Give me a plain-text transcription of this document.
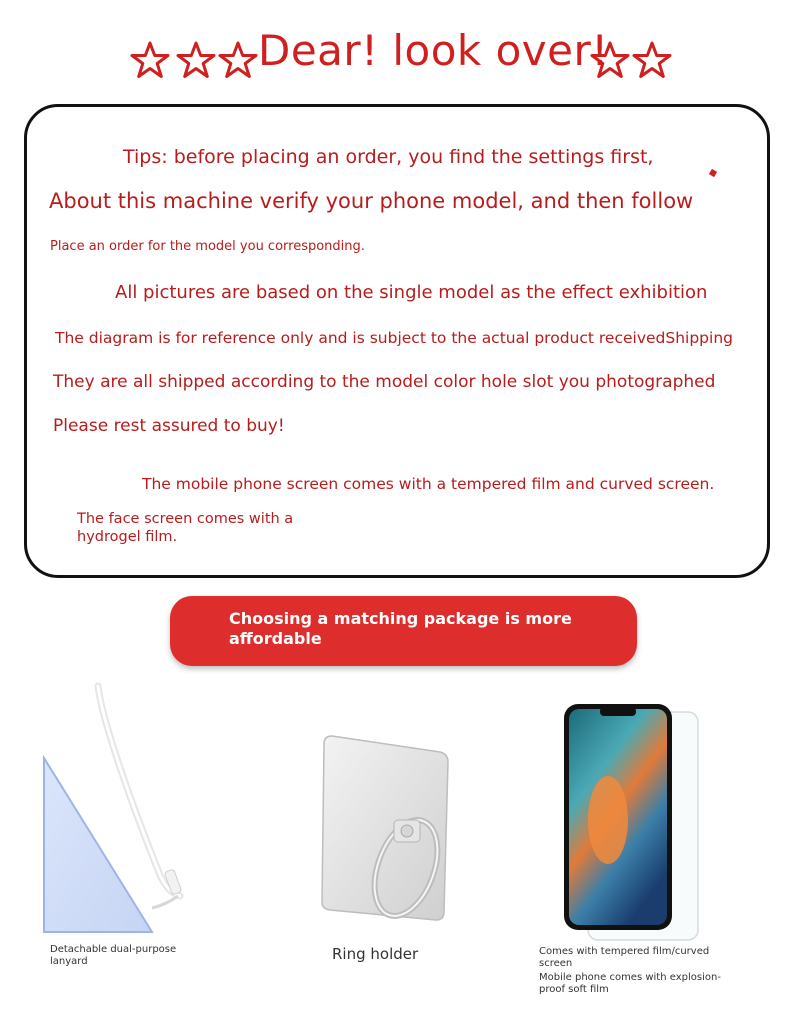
Dear! look over!
Tips: before placing an order, you find the settings first,
About this machine verify your phone model, and then follow
Place an order for the model you corresponding.
All pictures are based on the single model as the effect exhibition
The diagram is for reference only and is subject to the actual product receivedShipping
They are all shipped according to the model color hole slot you photographed
Please rest assured to buy!
The mobile phone screen comes with a tempered film and curved screen.
The face screen comes with a hydrogel film.
Choosing a matching package is more affordable
Detachable dual-purpose lanyard	Ring holder	Comes with tempered film/curved screen
Mobile phone comes with explosion-proof soft film
